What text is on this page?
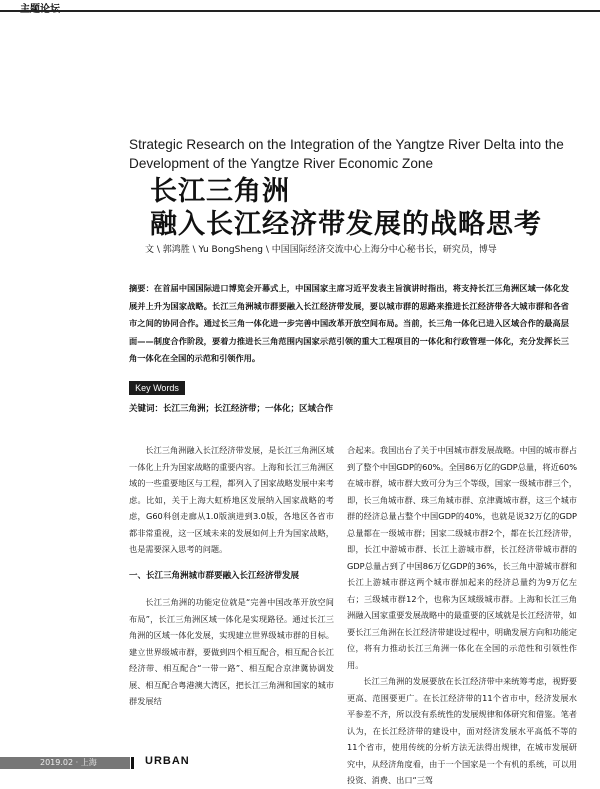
Strategic Research on the Integration of the Yangtze River Delta into the Development of the Yangtze River Economic Zone
长江三角洲
融入长江经济带发展的战略思考
文 \ 郭鸿胜 \ Yu BongSheng \ 中国国际经济交流中心上海分中心秘书长，研究员，博导
摘要：在首届中国国际进口博览会开幕式上，中国国家主席习近平发表主旨演讲时指出，将支持长江三角洲区域一体化发展并上升为国家战略。长江三角洲城市群要融入长江经济带发展，要以城市群的思路来推进长江经济带各大城市群和各省市之间的协同合作。通过长三角一体化进一步完善中国改革开放空间布局。当前，长三角一体化已进入区域合作的最高层面——制度合作阶段，要着力推进长三角范围内国家示范引领的重大工程项目的一体化和行政管理一体化，充分发挥长三角一体化在全国的示范和引领作用。
Key Words
关键词：长江三角洲；长江经济带；一体化；区域合作

长江三角洲融入长江经济带发展，是长江三角洲区域一体化上升为国家战略的重要内容。上海和长江三角洲区域的一些重要地区与工程，都列入了国家战略发展中来考虑。比如，关于上海大虹桥地区发展纳入国家战略的考虑，G60科创走廊从1.0版演进到3.0版，各地区各省市都非常重视，这一区域未来的发展如何上升为国家战略，也是需要深入思考的问题。

一、长江三角洲城市群要融入长江经济带发展

长江三角洲的功能定位就是“完善中国改革开放空间布局”，长江三角洲区域一体化是实现路径。通过长江三角洲的区域一体化发展，实现建立世界级城市群的目标。建立世界级城市群，要做到四个相互配合，相互配合长江经济带、相互配合“一带一路”、相互配合京津冀协调发展、相互配合粤港澳大湾区，把长江三角洲和国家的城市群发展结

合起来。我国出台了关于中国城市群发展战略。中国的城市群占到了整个中国GDP的60%。全国86万亿的GDP总量，将近60%在城市群，城市群大致可分为三个等级，国家一级城市群三个，即，长三角城市群、珠三角城市群、京津冀城市群，这三个城市群的经济总量占整个中国GDP的40%，也就是说32万亿的GDP总量都在一级城市群；国家二级城市群2个，都在长江经济带，即，长江中游城市群、长江上游城市群，长江经济带城市群的GDP总量占到了中国86万亿GDP的36%，长三角中游城市群和长江上游城市群这两个城市群加起来的经济总量约为9万亿左右；三级城市群12个，也称为区域级城市群。上海和长江三角洲融入国家重要发展战略中的最重要的区域就是长江经济带，如要长江三角洲在长江经济带建设过程中，明确发展方向和功能定位，将有力推动长江三角洲一体化在全国的示范性和引领性作用。

长江三角洲的发展要放在长江经济带中来统筹考虑，视野要更高、范围要更广。在长江经济带的11个省市中，经济发展水平参差不齐，所以没有系统性的发展规律和体研究和借鉴。笔者认为，在长江经济带的建设中，面对经济发展水平高低不等的11个省市，使用传统的分析方法无法得出规律，在城市发展研究中，从经济角度看，由于一个国家是一个有机的系统，可以用投资、消费、出口“三驾

2019.02 · 上海	URBAN
